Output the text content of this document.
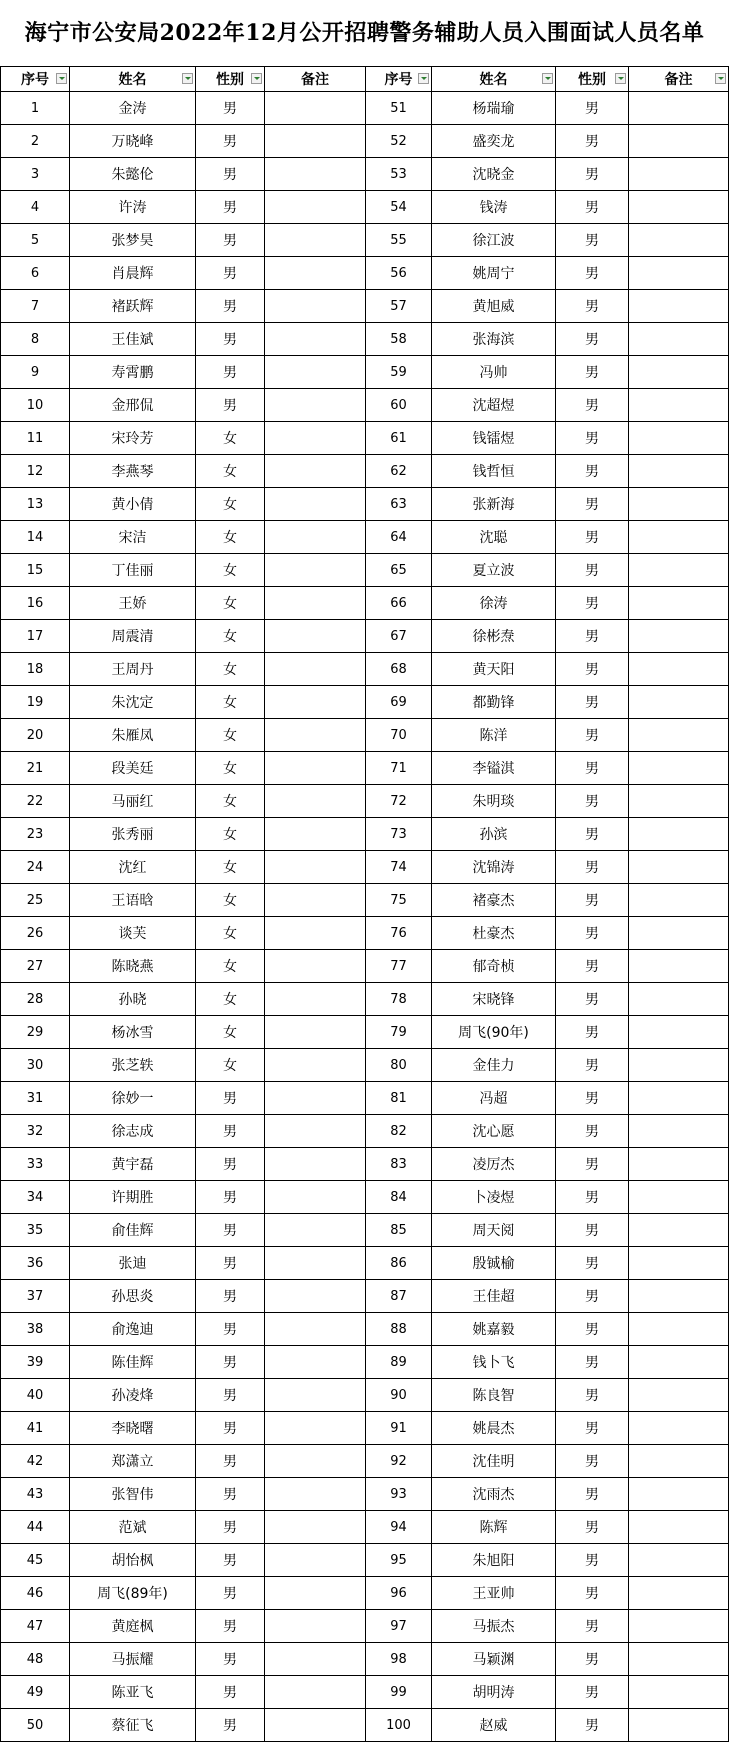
海宁市公安局2022年12月公开招聘警务辅助人员入围面试人员名单
序号	姓名	性别	备注	序号	姓名	性别	备注

1	金涛	男		51	杨瑞瑜	男	
2	万晓峰	男		52	盛奕龙	男	
3	朱懿伦	男		53	沈晓金	男	
4	许涛	男		54	钱涛	男	
5	张梦昊	男		55	徐江波	男	
6	肖晨辉	男		56	姚周宁	男	
7	褚跃辉	男		57	黄旭威	男	
8	王佳斌	男		58	张海滨	男	
9	寿霄鹏	男		59	冯帅	男	
10	金邢侃	男		60	沈超煜	男	
11	宋玲芳	女		61	钱镭煜	男	
12	李燕琴	女		62	钱哲恒	男	
13	黄小倩	女		63	张新海	男	
14	宋洁	女		64	沈聪	男	
15	丁佳丽	女		65	夏立波	男	
16	王娇	女		66	徐涛	男	
17	周震清	女		67	徐彬焘	男	
18	王周丹	女		68	黄天阳	男	
19	朱沈定	女		69	都勤锋	男	
20	朱雁凤	女		70	陈洋	男	
21	段美廷	女		71	李镒淇	男	
22	马丽红	女		72	朱明琰	男	
23	张秀丽	女		73	孙滨	男	
24	沈红	女		74	沈锦涛	男	
25	王语晗	女		75	褚豪杰	男	
26	谈芙	女		76	杜豪杰	男	
27	陈晓燕	女		77	郁奇桢	男	
28	孙晓	女		78	宋晓锋	男	
29	杨冰雪	女		79	周飞(90年)	男	
30	张芝轶	女		80	金佳力	男	
31	徐妙一	男		81	冯超	男	
32	徐志成	男		82	沈心愿	男	
33	黄宇磊	男		83	凌厉杰	男	
34	许期胜	男		84	卜凌煜	男	
35	俞佳辉	男		85	周天阅	男	
36	张迪	男		86	殷铖榆	男	
37	孙思炎	男		87	王佳超	男	
38	俞逸迪	男		88	姚嘉毅	男	
39	陈佳辉	男		89	钱卜飞	男	
40	孙凌烽	男		90	陈良智	男	
41	李晓曙	男		91	姚晨杰	男	
42	郑潇立	男		92	沈佳明	男	
43	张智伟	男		93	沈雨杰	男	
44	范斌	男		94	陈辉	男	
45	胡怡枫	男		95	朱旭阳	男	
46	周飞(89年)	男		96	王亚帅	男	
47	黄庭枫	男		97	马振杰	男	
48	马振耀	男		98	马颖渊	男	
49	陈亚飞	男		99	胡明涛	男	
50	蔡征飞	男		100	赵威	男	
